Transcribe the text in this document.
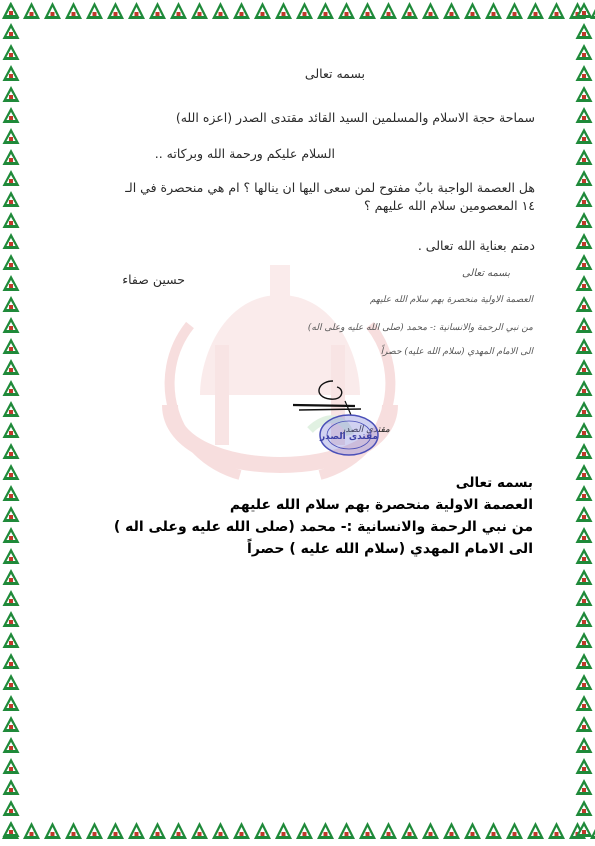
بسمه تعالى
سماحة حجة الاسلام والمسلمين السيد القائد مقتدى الصدر (اعزه الله)
السلام عليكم ورحمة الله وبركاته ..
هل العصمة الواجبة بابٌ مفتوح لمن سعى اليها ان ينالها ؟ ام هي منحصرة في الـ
١٤ المعصومين سلام الله عليهم ؟
دمتم بعناية الله تعالى .
حسين صفاء	بسمه تعالى
العصمة الاولية منحصرة بهم سلام الله عليهم
من نبي الرحمة والانسانية :- محمد (صلى الله عليه وعلى اله)
الى الامام المهدي (سلام الله عليه) حصراً
مقتدى الصدر
مقتدى الصدر
بسمه تعالى
العصمة الاولية منحصرة بهم سلام الله عليهم
من نبي الرحمة والانسانية :- محمد (صلى الله عليه وعلى اله )
الى الامام المهدي (سلام الله عليه ) حصراً
